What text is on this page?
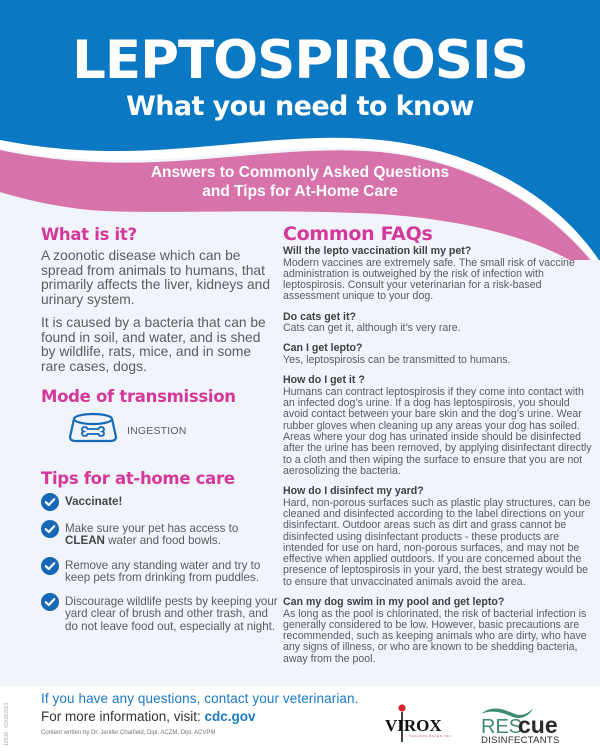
LEPTOSPIROSIS
What you need to know
Answers to Commonly Asked Questions
and Tips for At-Home Care
What is it?

A zoonotic disease which can be spread from animals to humans, that primarily affects the liver, kidneys and urinary system.

It is caused by a bacteria that can be found in soil, and water, and is shed by wildlife, rats, mice, and in some rare cases, dogs.

Mode of transmission
INGESTION
Tips for at-home care
Vaccinate!
Make sure your pet has access to CLEAN water and food bowls.
Remove any standing water and try to keep pets from drinking from puddles.
Discourage wildlife pests by keeping your yard clear of brush and other trash, and do not leave food out, especially at night.
Common FAQs
Will the lepto vaccination kill my pet?
Modern vaccines are extremely safe. The small risk of vaccine administration is outweighed by the risk of infection with leptospirosis. Consult your veterinarian for a risk-based assessment unique to your dog.
Do cats get it?
Cats can get it, although it’s very rare.
Can I get lepto?
Yes, leptospirosis can be transmitted to humans.
How do I get it ?
Humans can contract leptospirosis if they come into contact with an infected dog’s urine. If a dog has leptospirosis, you should avoid contact between your bare skin and the dog’s urine. Wear rubber gloves when cleaning up any areas your dog has soiled. Areas where your dog has urinated inside should be disinfected after the urine has been removed, by applying disinfectant directly to a cloth and then wiping the surface to ensure that you are not aerosolizing the bacteria.
How do I disinfect my yard?
Hard, non-porous surfaces such as plastic play structures, can be cleaned and disinfected according to the label directions on your disinfectant. Outdoor areas such as dirt and grass cannot be disinfected using disinfectant products - these products are intended for use on hard, non-porous surfaces, and may not be effective when applied outdoors. If you are concerned about the presence of leptospirosis in your yard, the best strategy would be to ensure that unvaccinated animals avoid the area.
Can my dog swim in my pool and get lepto?
As long as the pool is chlorinated, the risk of bacterial infection is generally considered to be low. However, basic precautions are recommended, such as keeping animals who are dirty, who have any signs of illness, or who are known to be shedding bacteria, away from the pool.
16508 - 02/08/2021
If you have any questions, contact your veterinarian.
For more information, visit: cdc.gov
Content written by Dr. Jenifer Chatfield, Dipl. ACZM, Dipl. ACVPM	VIROX
TECHNOLOGIES INC RES
cue
DISINFECTANTS
